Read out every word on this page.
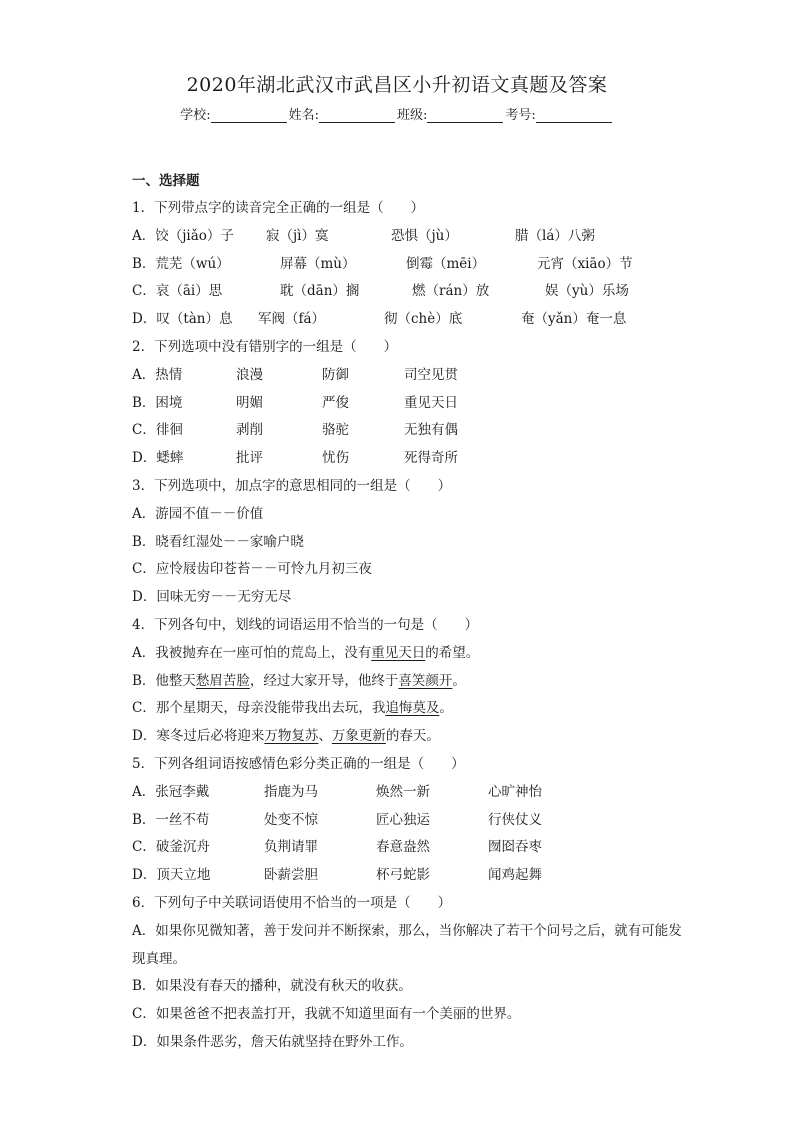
2020年湖北武汉市武昌区小升初语文真题及答案
学校:	姓名:	班级:	考号:
一、选择题
1．下列带点字的读音完全正确的一组是（　　）
A．饺（jiǎo）子	寂（jì）寞	恐惧（jù）	腊（lá）八粥
B．荒芜（wú）	屏幕（mù）	倒霉（mēi）	元宵（xiāo）节
C．哀（āi）思	耽（dān）搁	燃（rán）放	娱（yù）乐场
D．叹（tàn）息	军阀（fá）	彻（chè）底	奄（yǎn）奄一息
2．下列选项中没有错别字的一组是（　　）
A．热情	浪漫	防御	司空见贯
B．困境	明媚	严俊	重见天日
C．徘徊	剥削	骆驼	无独有偶
D．蟋蟀	批评	忧伤	死得奇所
3．下列选项中，加点字的意思相同的一组是（　　）
A．游园不值－－价值
B．晓看红湿处－－家喻户晓
C．应怜屐齿印苍苔－－可怜九月初三夜
D．回味无穷－－无穷无尽
4．下列各句中，划线的词语运用不恰当的一句是（　　）
A．我被抛弃在一座可怕的荒岛上，没有重见天日的希望。
B．他整天愁眉苦脸，经过大家开导，他终于喜笑颜开。
C．那个星期天，母亲没能带我出去玩，我追悔莫及。
D．寒冬过后必将迎来万物复苏、万象更新的春天。
5．下列各组词语按感情色彩分类正确的一组是（　　）
A．张冠李戴	指鹿为马	焕然一新	心旷神怡
B．一丝不苟	处变不惊	匠心独运	行侠仗义
C．破釜沉舟	负荆请罪	春意盎然	囫囵吞枣
D．顶天立地	卧薪尝胆	杯弓蛇影	闻鸡起舞
6．下列句子中关联词语使用不恰当的一项是（　　）
A．如果你见微知著，善于发问并不断探索，那么，当你解决了若干个问号之后，就有可能发现真理。
B．如果没有春天的播种，就没有秋天的收获。
C．如果爸爸不把表盖打开，我就不知道里面有一个美丽的世界。
D．如果条件恶劣，詹天佑就坚持在野外工作。
